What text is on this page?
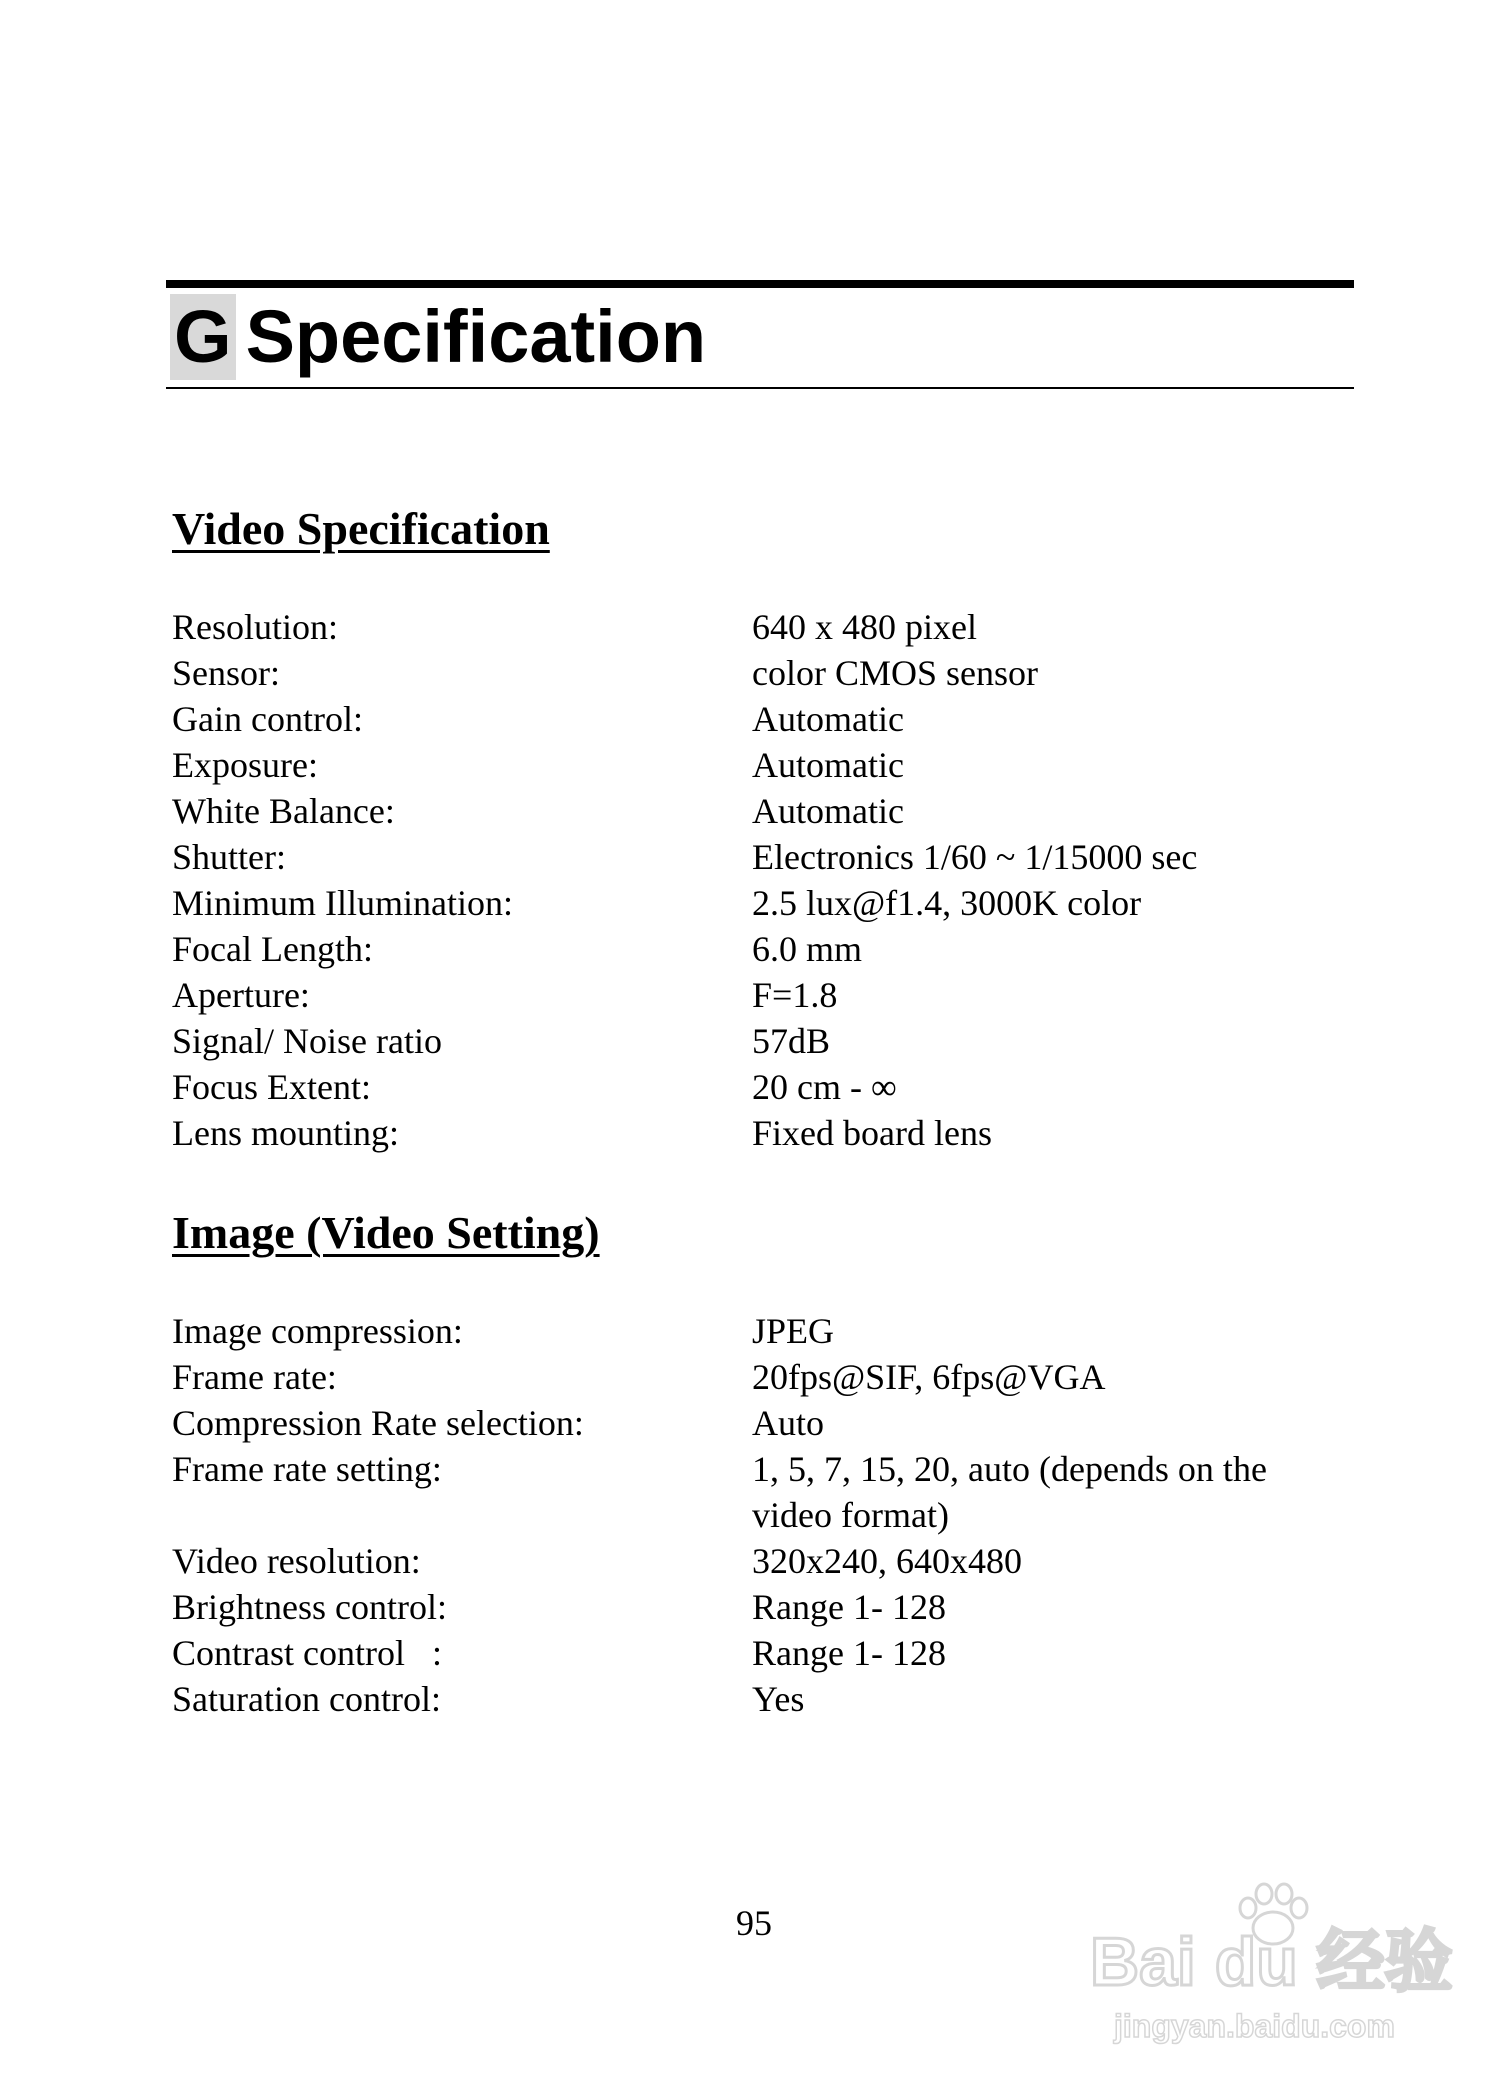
G Specification
Video Specification
Resolution:	640 x 480 pixel
Sensor:	color CMOS sensor
Gain control:	Automatic
Exposure:	Automatic
White Balance:	Automatic
Shutter:	Electronics 1/60 ~ 1/15000 sec
Minimum Illumination:	2.5 lux@f1.4, 3000K color
Focal Length:	6.0 mm
Aperture:	F=1.8
Signal/ Noise ratio	57dB
Focus Extent:	20 cm - ∞
Lens mounting:	Fixed board lens
Image (Video Setting)
Image compression:	JPEG
Frame rate:	20fps@SIF, 6fps@VGA
Compression Rate selection:	Auto
Frame rate setting:	1, 5, 7, 15, 20, auto (depends on the video format)
Video resolution:	320x240, 640x480
Brightness control:	Range 1- 128
Contrast control   :	Range 1- 128
Saturation control:	Yes
95
Bai du 经验
jingyan.baidu.com
